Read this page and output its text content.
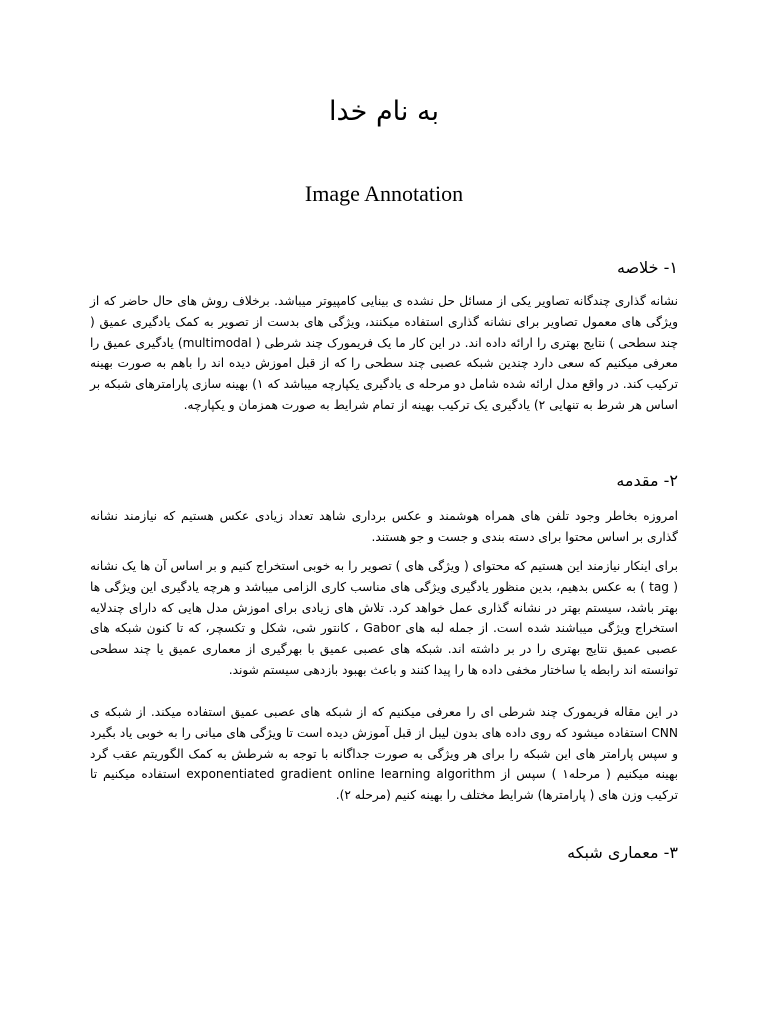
به نام خدا
Image Annotation
۱- خلاصه

نشانه گذاری چندگانه تصاویر یکی از مسائل حل نشده ی بینایی کامپیوتر میباشد. برخلاف روش های حال حاضر که از ویژگی های معمول تصاویر برای نشانه گذاری استفاده میکنند، ویژگی های بدست از تصویر به کمک یادگیری عمیق ( چند سطحی ) نتایج بهتری را ارائه داده اند. در این کار ما یک فریمورک چند شرطی ( multimodal) یادگیری عمیق را معرفی میکنیم که سعی دارد چندین شبکه عصبی چند سطحی را که از قبل اموزش دیده اند را باهم به صورت بهینه ترکیب کند. در واقع مدل ارائه شده شامل دو مرحله ی یادگیری یکپارچه میباشد که ۱) بهینه سازی پارامترهای شبکه بر اساس هر شرط به تنهایی ۲) یادگیری یک ترکیب بهینه از تمام شرایط به صورت همزمان و یکپارچه.

۲- مقدمه

امروزه بخاطر وجود تلفن های همراه هوشمند و عکس برداری شاهد تعداد زیادی عکس هستیم که نیازمند نشانه گذاری بر اساس محتوا برای دسته بندی و جست و جو هستند.

برای اینکار نیازمند این هستیم که محتوای ( ویژگی های ) تصویر را به خوبی استخراج کنیم و بر اساس آن ها یک نشانه ( tag ) به عکس بدهیم، بدین منظور یادگیری ویژگی های مناسب کاری الزامی میباشد و هرچه یادگیری این ویژگی ها بهتر باشد، سیستم بهتر در نشانه گذاری عمل خواهد کرد. تلاش های زیادی برای اموزش مدل هایی که دارای چندلایه استخراج ویژگی میباشند شده است. از جمله لبه های Gabor ، کانتور شی، شکل و تکسچر، که تا کنون شبکه های عصبی عمیق نتایج بهتری را در بر داشته اند. شبکه های عصبی عمیق با بهرگیری از معماری عمیق یا چند سطحی توانسته اند رابطه یا ساختار مخفی داده ها را پیدا کنند و باعث بهبود بازدهی سیستم شوند.

در این مقاله فریمورک چند شرطی ای را معرفی میکنیم که از شبکه های عصبی عمیق استفاده میکند. از شبکه ی CNN استفاده میشود که روی داده های بدون لیبل از قبل آموزش دیده است تا ویژگی های میانی را به خوبی یاد بگیرد و سپس پارامتر های این شبکه را برای هر ویژگی به صورت جداگانه با توجه به شرطش به کمک الگوریتم عقب گرد بهینه میکنیم ( مرحله۱ ) سپس از exponentiated gradient online learning algorithm استفاده میکنیم تا ترکیب وزن های ( پارامترها) شرایط مختلف را بهینه کنیم (مرحله ۲).

۳- معماری شبکه
